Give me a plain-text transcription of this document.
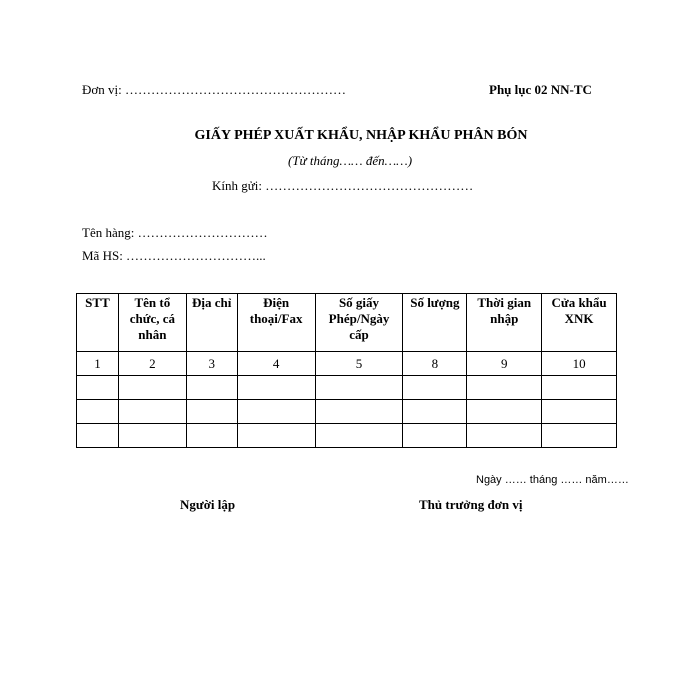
Đơn vị: ……………………………………………	Phụ lục 02 NN-TC
GIẤY PHÉP XUẤT KHẨU, NHẬP KHẨU PHÂN BÓN
(Từ tháng…… đến……)
Kính gửi: …………………………………………
Tên hàng: …………………………
Mã HS: …………………………...
STT	Tên tổ chức, cá nhân	Địa chỉ	Điện thoại/Fax	Số giấy Phép/Ngày cấp	Số lượng	Thời gian nhập	Cửa khẩu XNK
1	2	3	4	5	8	9	10

Ngày …… tháng …… năm……
Người lập	Thủ trưởng đơn vị
